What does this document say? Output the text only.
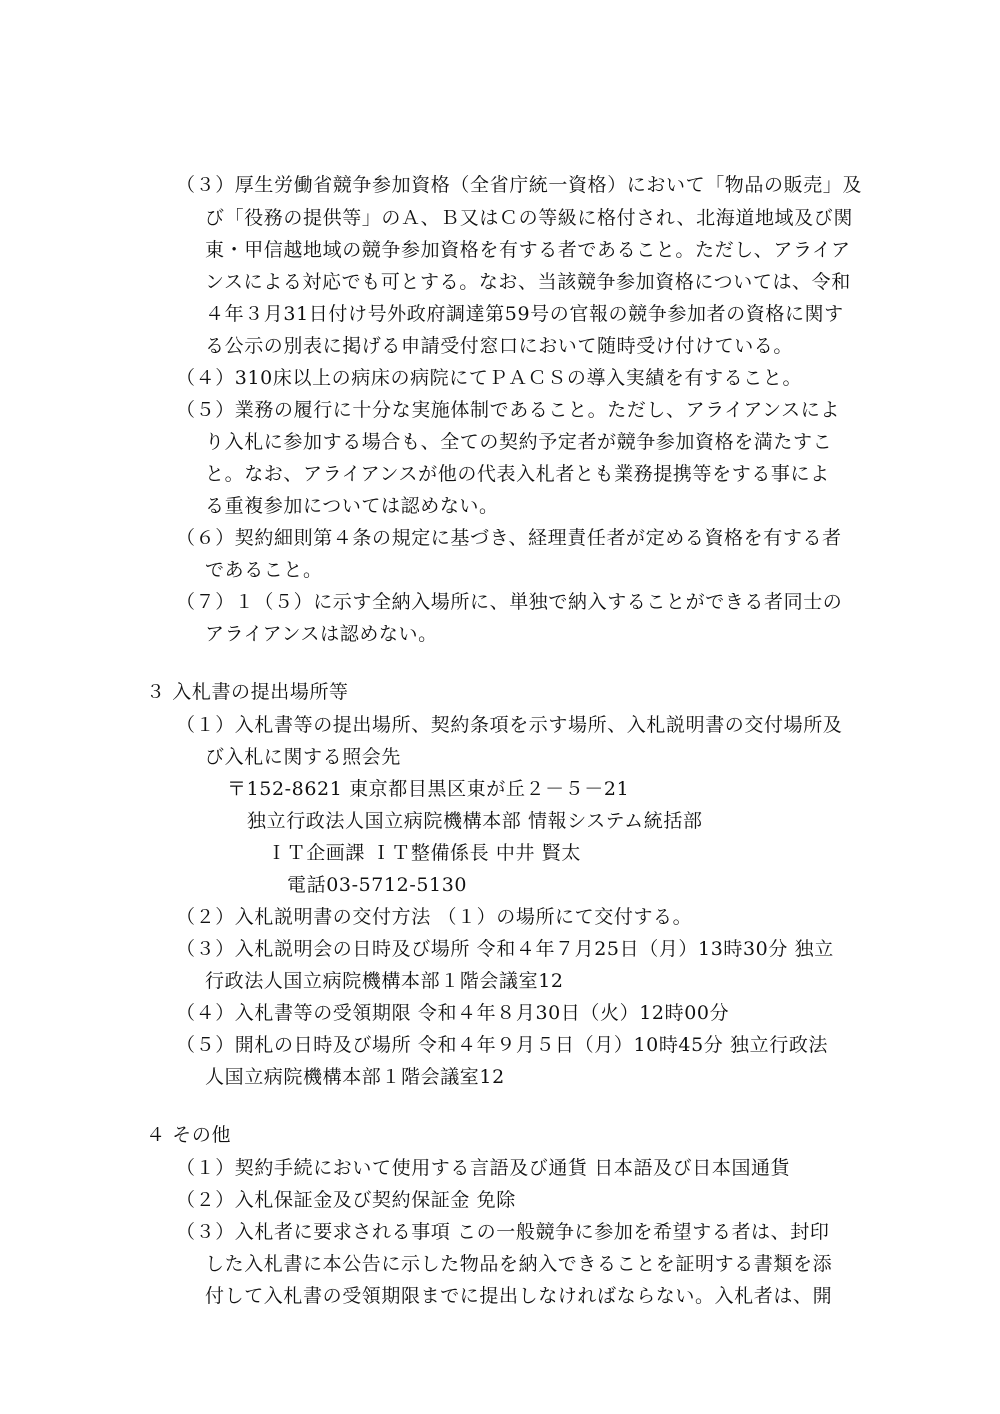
（３）厚生労働省競争参加資格（全省庁統一資格）において「物品の販売」及
び「役務の提供等」のＡ、Ｂ又はＣの等級に格付され、北海道地域及び関
東・甲信越地域の競争参加資格を有する者であること。ただし、アライア
ンスによる対応でも可とする。なお、当該競争参加資格については、令和
４年３月31日付け号外政府調達第59号の官報の競争参加者の資格に関す
る公示の別表に掲げる申請受付窓口において随時受け付けている。
（４）310床以上の病床の病院にてＰＡＣＳの導入実績を有すること。
（５）業務の履行に十分な実施体制であること。ただし、アライアンスによ
り入札に参加する場合も、全ての契約予定者が競争参加資格を満たすこ
と。なお、アライアンスが他の代表入札者とも業務提携等をする事によ
る重複参加については認めない。
（６）契約細則第４条の規定に基づき、経理責任者が定める資格を有する者
であること。
（７）１（５）に示す全納入場所に、単独で納入することができる者同士の
アライアンスは認めない。
３ 入札書の提出場所等
（１）入札書等の提出場所、契約条項を示す場所、入札説明書の交付場所及
び入札に関する照会先
〒152-8621 東京都目黒区東が丘２－５－21
独立行政法人国立病院機構本部 情報システム統括部
ＩＴ企画課 ＩＴ整備係長 中井 賢太
電話03-5712-5130
（２）入札説明書の交付方法 （１）の場所にて交付する。
（３）入札説明会の日時及び場所 令和４年７月25日（月）13時30分 独立
行政法人国立病院機構本部１階会議室12
（４）入札書等の受領期限 令和４年８月30日（火）12時00分
（５）開札の日時及び場所 令和４年９月５日（月）10時45分 独立行政法
人国立病院機構本部１階会議室12
４ その他
（１）契約手続において使用する言語及び通貨 日本語及び日本国通貨
（２）入札保証金及び契約保証金 免除
（３）入札者に要求される事項 この一般競争に参加を希望する者は、封印
した入札書に本公告に示した物品を納入できることを証明する書類を添
付して入札書の受領期限までに提出しなければならない。入札者は、開
